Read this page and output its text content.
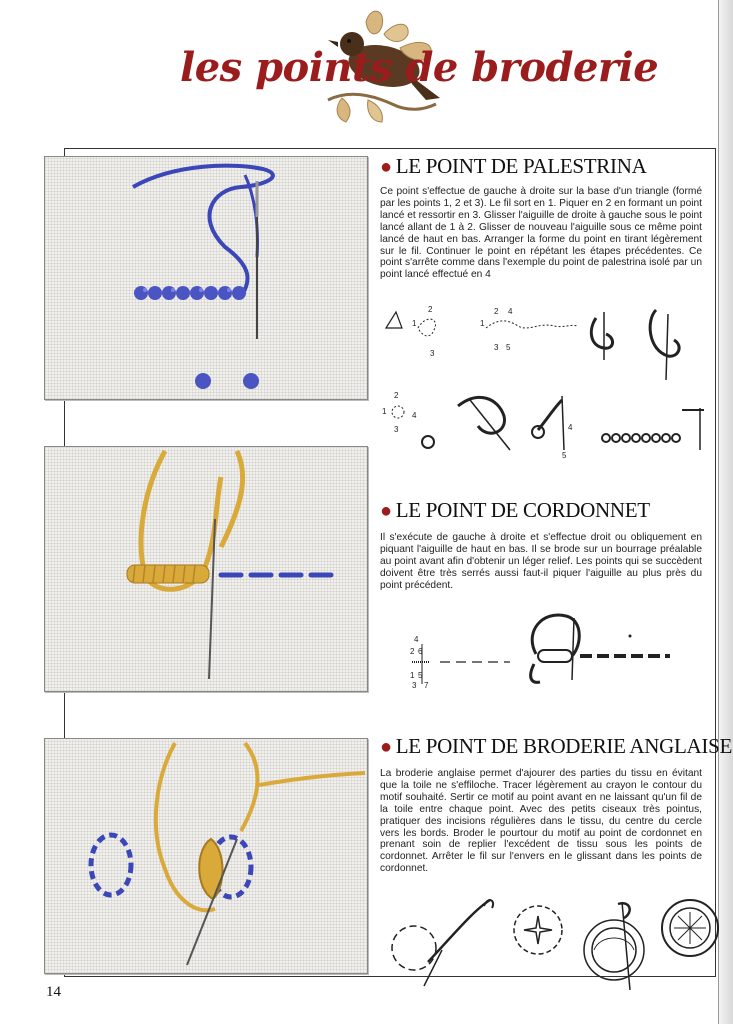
les points de broderie
● LE POINT DE PALESTRINA
Ce point s'effectue de gauche à droite sur la base d'un triangle (formé par les points 1, 2 et 3). Le fil sort en 1. Piquer en 2 en formant un point lancé et ressortir en 3. Glisser l'aiguille de droite à gauche sous le point lancé allant de 1 à 2. Glisser de nouveau l'aiguille sous ce même point lancé de haut en bas. Arranger la forme du point en tirant légèrement sur le fil. Continuer le point en répétant les étapes précédentes. Ce point s'arrête comme dans l'exemple du point de palestrina isolé par un point lancé effectué en 4
1
2
3
1
2 4
3 5
1
2
3
4
4
5
● LE POINT DE CORDONNET
Il s'exécute de gauche à droite et s'effectue droit ou obliquement en piquant l'aiguille de haut en bas. Il se brode sur un bourrage préalable au point avant afin d'obtenir un léger relief. Les points qui se succèdent doivent être très serrés aussi faut-il piquer l'aiguille au plus près du point précédent.
4
2 6
1 5
3 7
● LE POINT DE BRODERIE ANGLAISE
La broderie anglaise permet d'ajourer des parties du tissu en évitant que la toile ne s'effiloche. Tracer légèrement au crayon le contour du motif souhaité. Sertir ce motif au point avant en ne laissant qu'un fil de la toile entre chaque point. Avec des petits ciseaux très pointus, pratiquer des incisions régulières dans le tissu, du centre du cercle vers les bords. Broder le pourtour du motif au point de cordonnet en prenant soin de replier l'excédent de tissu sous les points de cordonnet. Arrêter le fil sur l'envers en le glissant dans les points de cordonnet.
14
